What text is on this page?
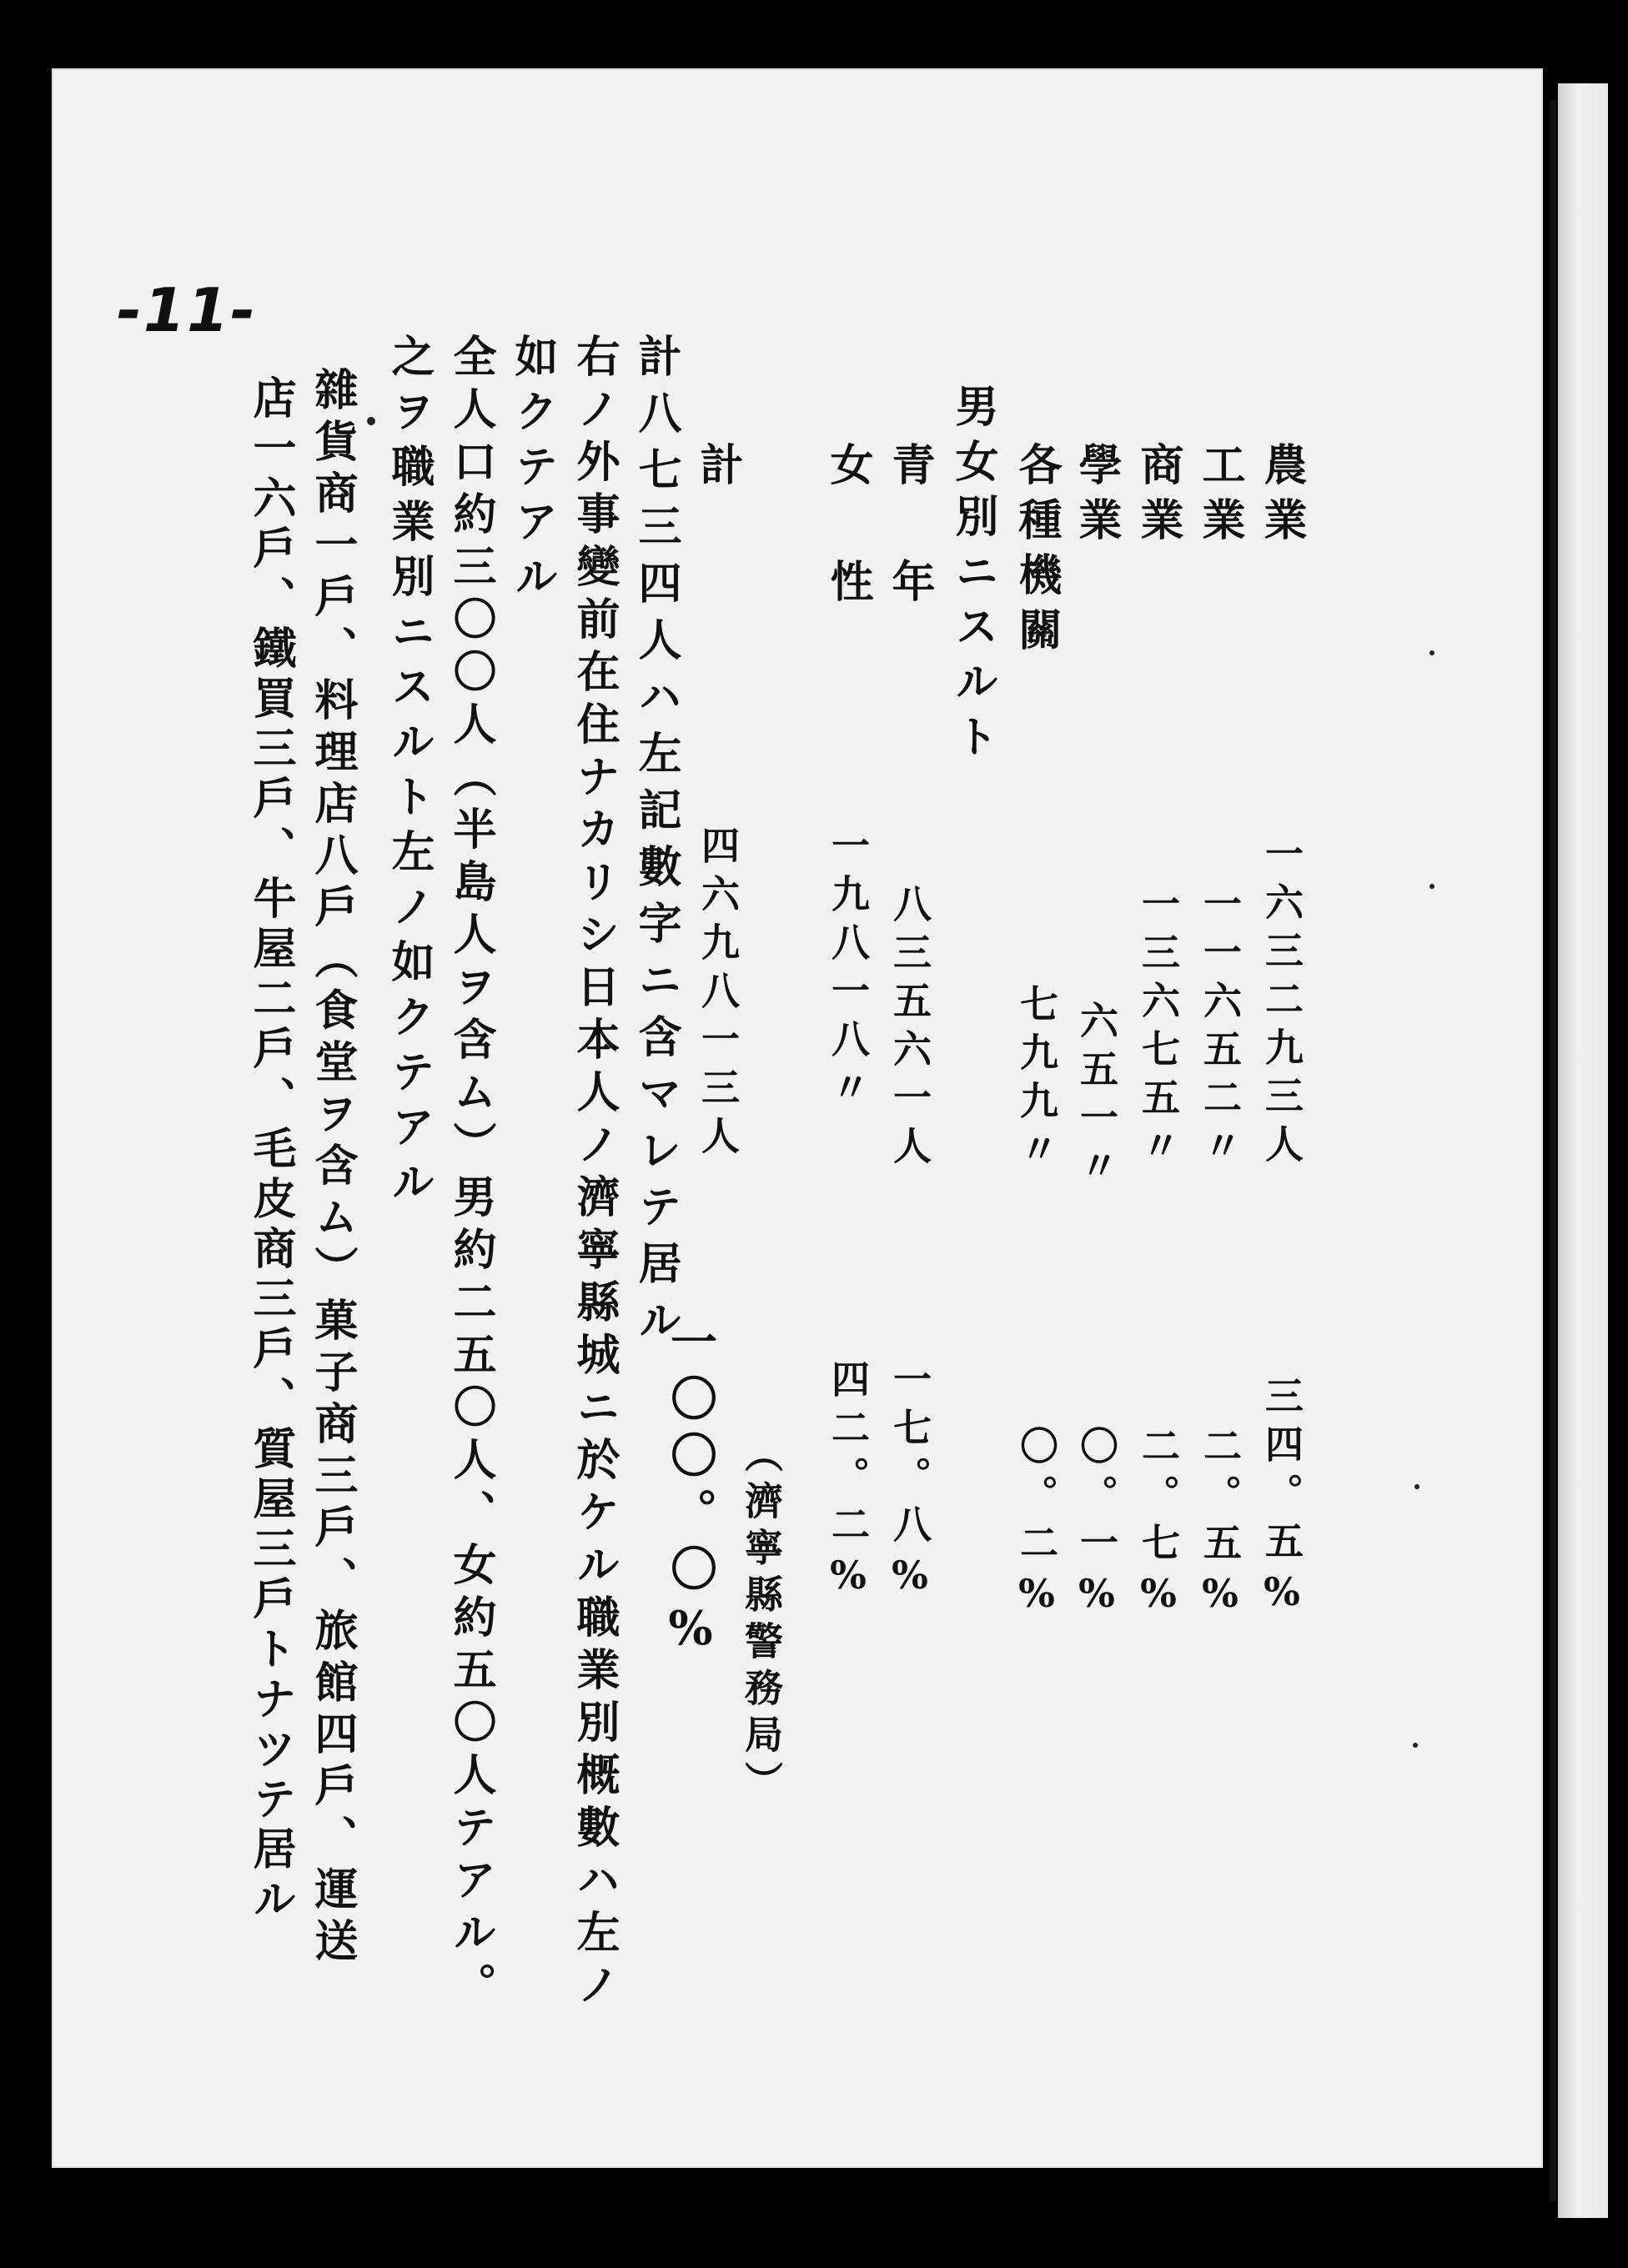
-11-
農業
工業
商業
學業
各種機關
一六三二九三人
一一六五二〃
一三六七五〃
六五一〃
七九九〃
三四。五%
二。五%
二。七%
〇。一%
〇。二%
男女別ニスルト
青年
女性
計
八三五六一人
一九八一八〃
四六九八一三人
一七。八%
四二。二%
一〇〇。〇% （濟寧縣警務局）
計八七三四人ハ左記數字ニ含マレテ居ル
右ノ外事變前在住ナカリシ日本人ノ濟寧縣城ニ於ケル職業別概數ハ左ノ
如クテアル
全人口約三〇〇人（半島人ヲ含ム）男約二五〇人、女約五〇人テアル。
之ヲ職業別ニスルト左ノ如クテアル
雜貨商一戶、料理店八戶（食堂ヲ含ム）菓子商三戶、旅館四戶、運送
店一六戶、鐵買三戶、牛屋二戶、毛皮商三戶、質屋三戶トナツテ居ル
